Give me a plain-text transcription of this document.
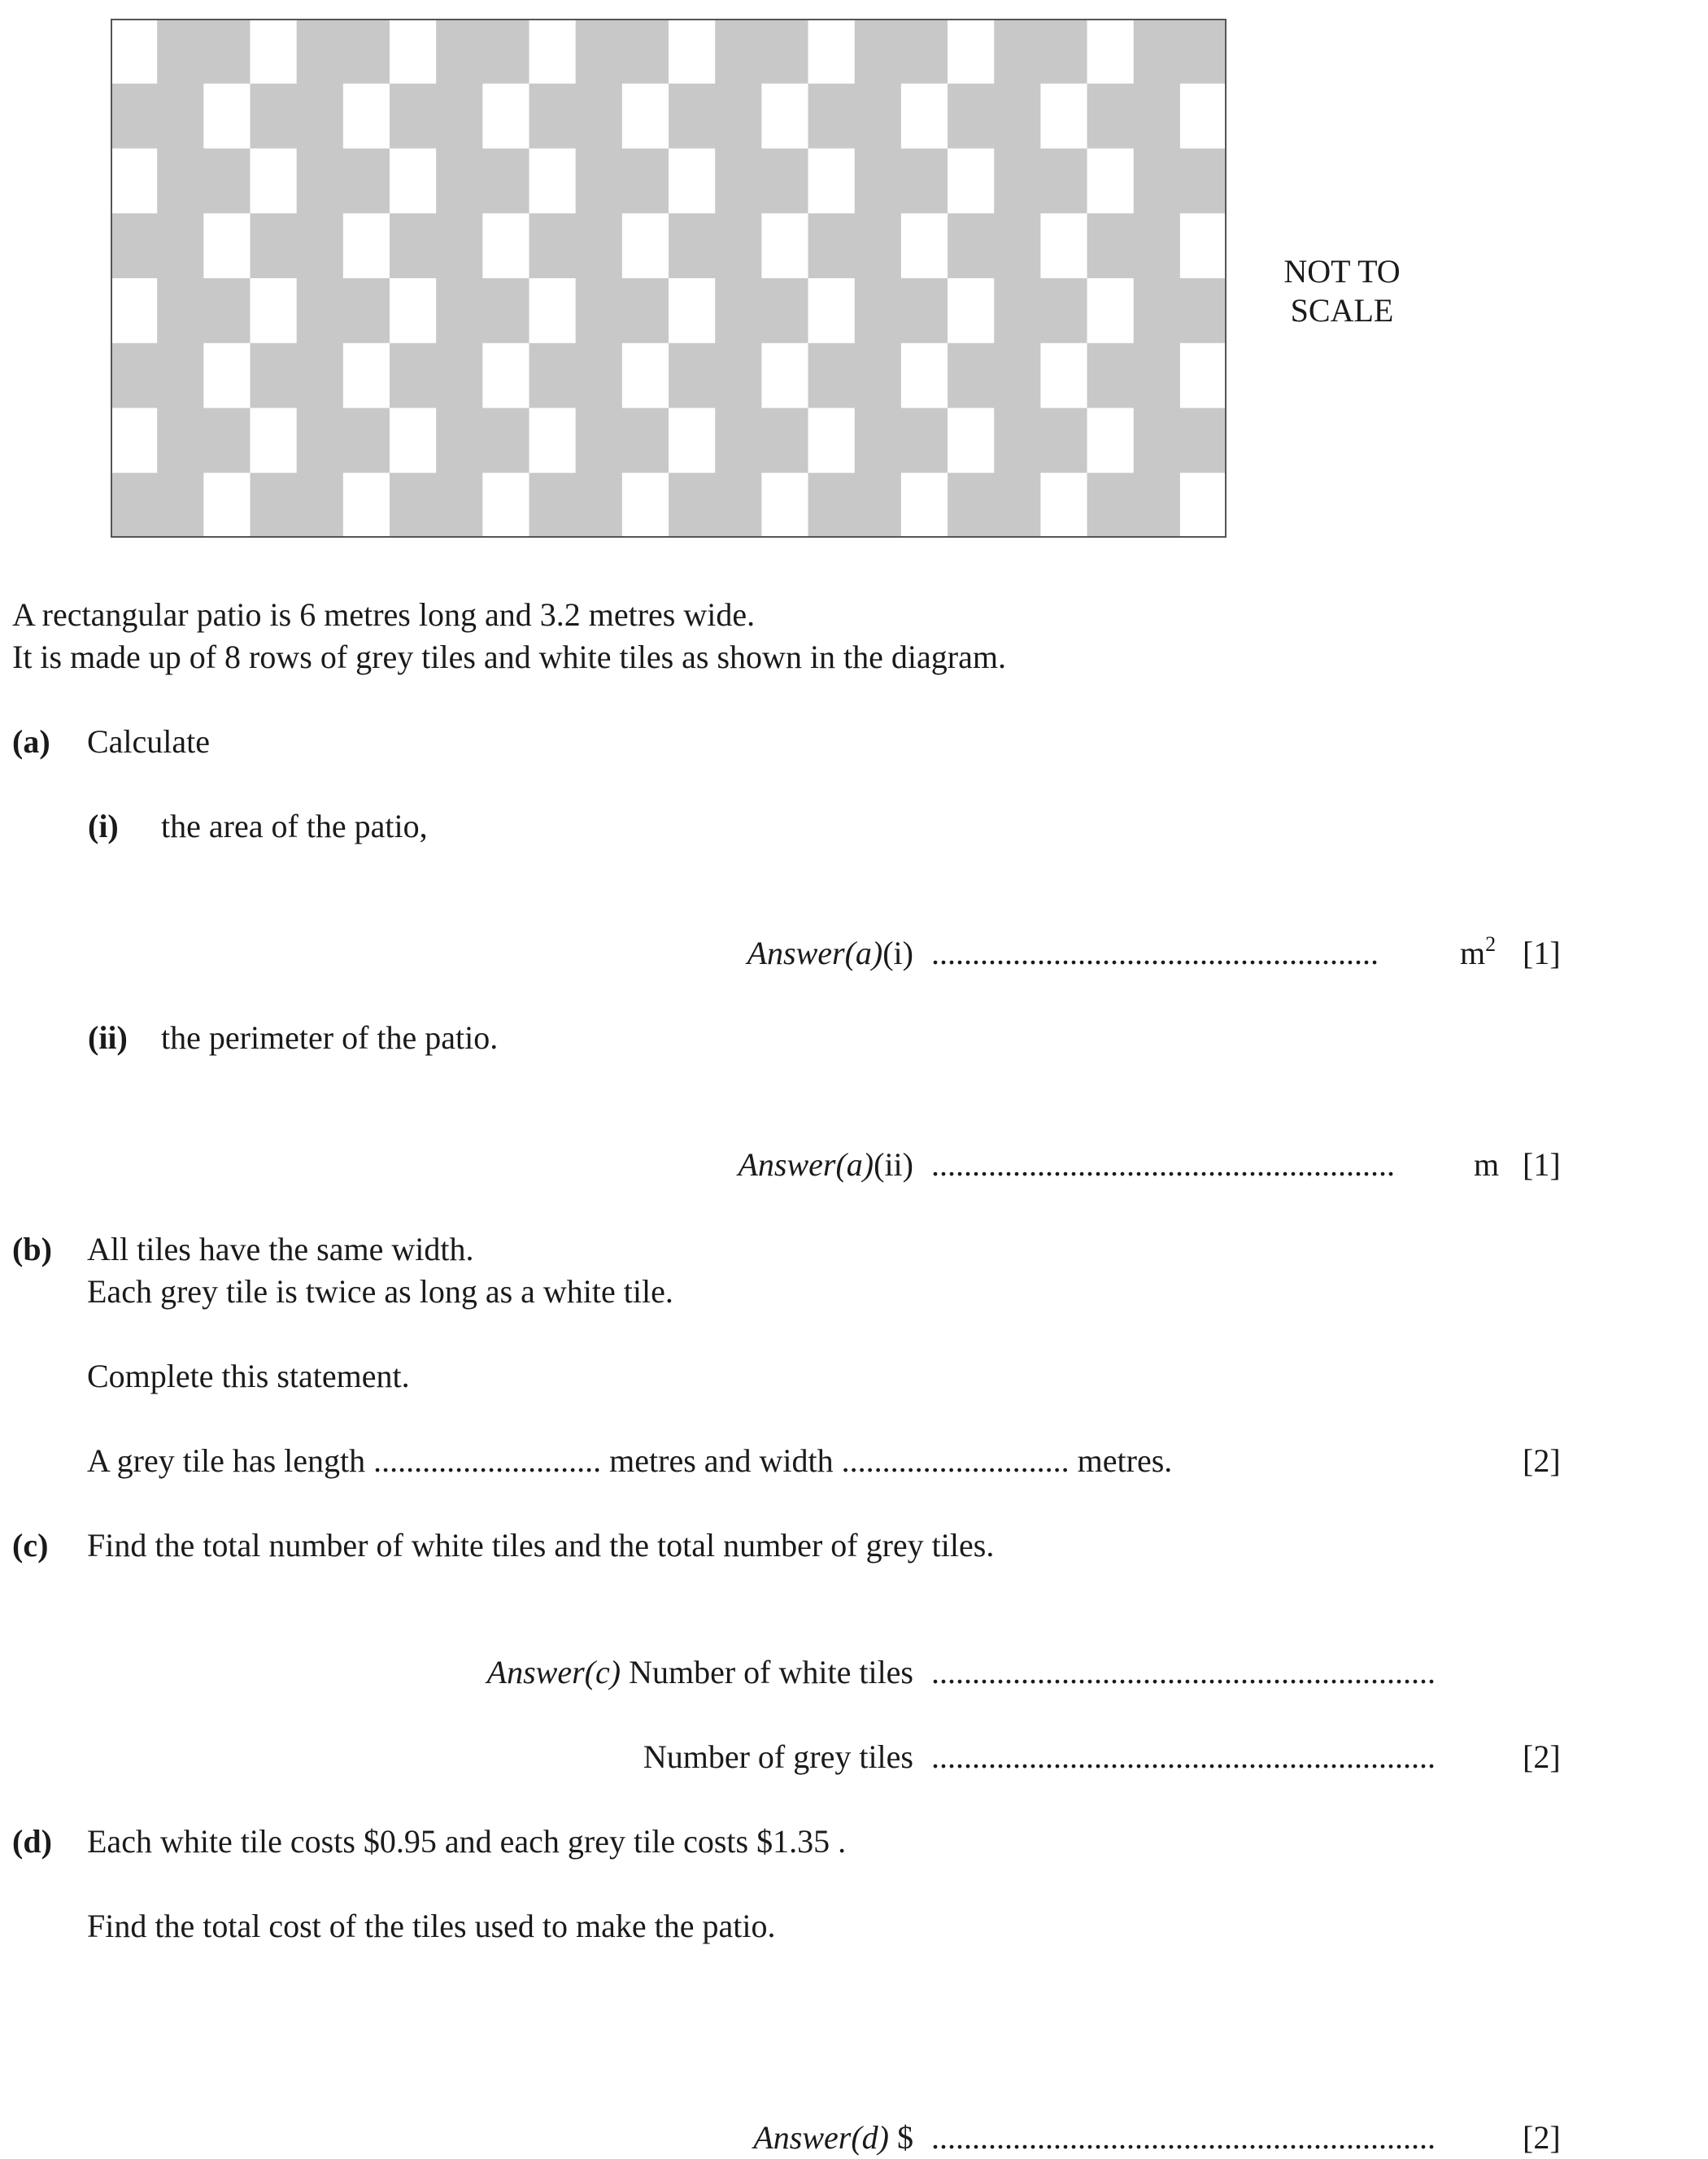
NOT TO
SCALE
A rectangular patio is 6 metres long and 3.2 metres wide.
It is made up of 8 rows of grey tiles and white tiles as shown in the diagram.
(a) Calculate
(i) the area of the patio,
Answer(a)(i) .......................................................	$m^2$ [1]
(ii) the perimeter of the patio.
Answer(a)(ii) ......................................................... m [1]
(b) All tiles have the same width.
Each grey tile is twice as long as a white tile.
Complete this statement.
A grey tile has length ............................ metres and width ............................ metres.	[2]
(c) Find the total number of white tiles and the total number of grey tiles.
Answer(c) Number of white tiles ..............................................................
Number of grey tiles ..............................................................	[2]
(d) Each white tile costs $0.95 and each grey tile costs $1.35 .
Find the total cost of the tiles used to make the patio.
Answer(d) $ ..............................................................	[2]
